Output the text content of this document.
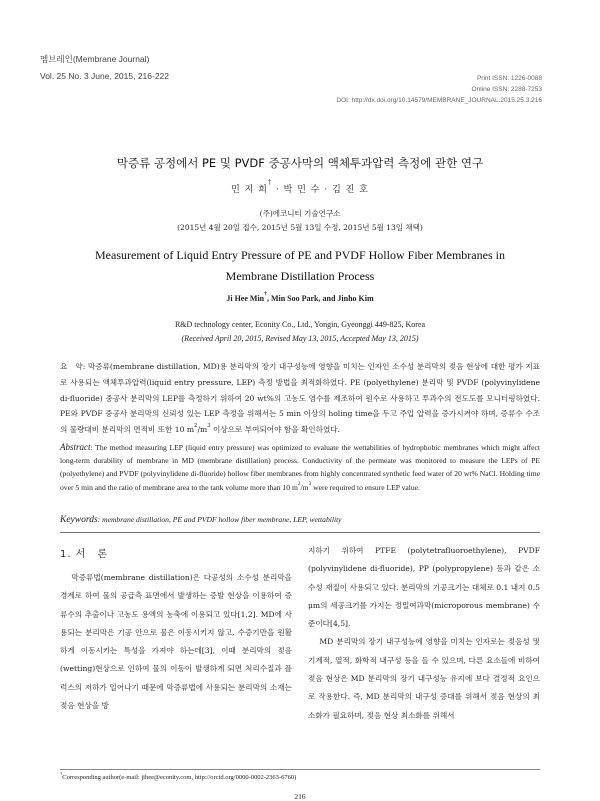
멤브레인(Membrane Journal)
Vol. 25 No. 3 June, 2015, 216-222	Print ISSN: 1226-0088
Online ISSN: 2288-7253
DOI: http://dx.doi.org/10.14579/MEMBRANE_JOURNAL.2015.25.3.216
막증류 공정에서 PE 및 PVDF 중공사막의 액체투과압력 측정에 관한 연구
민 지 희† · 박 민 수 · 김 진 호
(주)에코니티 기술연구소
(2015년 4월 20일 접수, 2015년 5월 13일 수정, 2015년 5월 13일 채택)
Measurement of Liquid Entry Pressure of PE and PVDF Hollow Fiber Membranes in
Membrane Distillation Process
Ji Hee Min†, Min Soo Park, and Jinho Kim
R&D technology center, Econity Co., Ltd., Yongin, Gyeonggi 449-825, Korea
(Received April 20, 2015, Revised May 13, 2015, Accepted May 13, 2015)
요　약: 막증류(membrane distillation, MD)용 분리막의 장기 내구성능에 영향을 미치는 인자인 소수성 분리막의 젖음 현상에 대한 평가 지표로 사용되는 액체투과압력(liquid entry pressure, LEP) 측정 방법을 최적화하였다. PE (polyethylene) 분리막 및 PVDF (polyvinylidene di-fluoride) 중공사 분리막의 LEP를 측정하기 위하여 20 wt%의 고농도 염수를 제조하여 원수로 사용하고 투과수의 전도도를 모니터링하였다. PE와 PVDF 중공사 분리막의 신뢰성 있는 LEP 측정을 위해서는 5 min 이상의 holing time을 두고 주입 압력을 증가시켜야 하며, 증류수 수조의 물량대비 분리막의 면적비 또한 10 $m^2/m^3$ 이상으로 부여되어야 함을 확인하였다.
Abstract: The method measuring LEP (liquid entry pressure) was optimized to evaluate the wettabilities of hydrophobic membranes which might affect long-term durability of membrane in MD (membrane distillation) process. Conductivity of the permeate was monitored to measure the LEPs of PE (polyethylene) and PVDF (polyvinylidene di-fluoride) hollow fiber membranes from highly concentrated synthetic feed water of 20 wt% NaCl. Holding time over 5 min and the ratio of membrane area to the tank volume more than 10 $m^2/m^3$ were required to ensure LEP value.
Keywords: membrane distillation, PE and PVDF hollow fiber membrane, LEP, wettability
1. 서　론

막증류법(membrane distillation)은 다공성의 소수성 분리막을 경계로 하여 물의 공급측 표면에서 발생하는 증발 현상을 이용하여 증류수의 추출이나 고농도 용액의 농축에 이용되고 있다[1,2]. MD에 사용되는 분리막은 기공 안으로 물은 이동시키지 않고, 수증기만을 원활하게 이동시키는 특성을 가져야 하는데[3], 이때 분리막의 젖음(wetting)현상으로 인하여 물의 이동이 발생하게 되면 처리수질과 플럭스의 저하가 일어나기 때문에 막증류법에 사용되는 분리막의 소재는 젖음 현상을 방

지하기 위하여 PTFE (polytetrafluoroethylene), PVDF (polyvinylidene di-fluoride), PP (polypropylene) 등과 같은 소수성 재질이 사용되고 있다. 분리막의 기공크기는 대체로 0.1 내지 0.5 μm의 세공크기를 가지는 정밀여과막(microporous membrane) 수준이다[4,5].

MD 분리막의 장기 내구성능에 영향을 미치는 인자로는 젖음성 및 기계적, 열적, 화학적 내구성 등을 들 수 있으며, 다른 요소들에 비하여 젖음 현상은 MD 분리막의 장기 내구성능 유지에 보다 결정적 요인으로 작용한다. 즉, MD 분리막의 내구성 증대를 위해서 젖음 현상의 최소화가 필요하며, 젖음 현상 최소화를 위해서

†Corresponding author(e-mail: jihee@econity.com, http://orcid.org/0000-0002-2363-6760)
216
